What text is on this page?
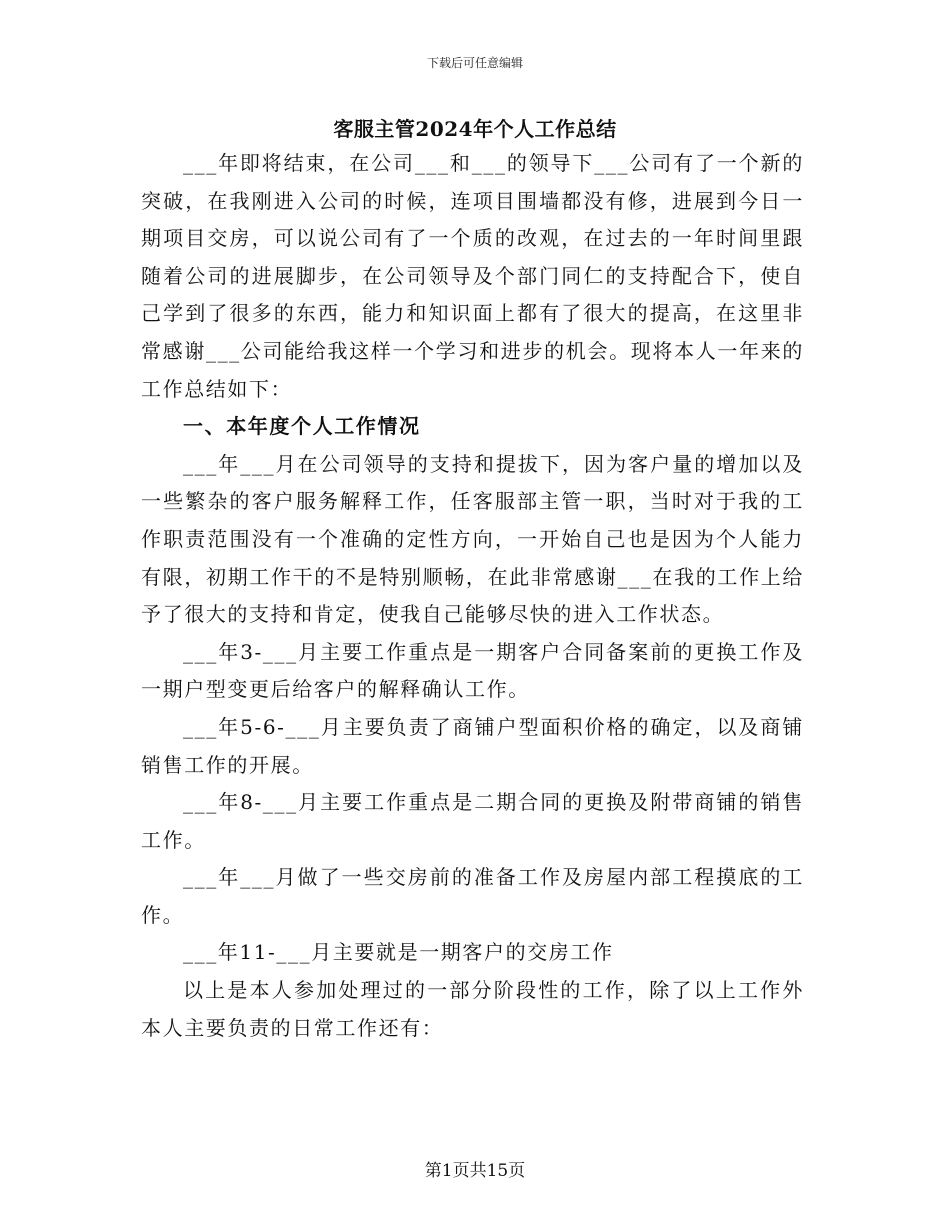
下载后可任意编辑
客服主管2024年个人工作总结

___年即将结束，在公司___和___的领导下___公司有了一个新的突破，在我刚进入公司的时候，连项目围墙都没有修，进展到今日一期项目交房，可以说公司有了一个质的改观，在过去的一年时间里跟随着公司的进展脚步，在公司领导及个部门同仁的支持配合下，使自己学到了很多的东西，能力和知识面上都有了很大的提高，在这里非常感谢___公司能给我这样一个学习和进步的机会。现将本人一年来的工作总结如下：

一、本年度个人工作情况

___年___月在公司领导的支持和提拔下，因为客户量的增加以及一些繁杂的客户服务解释工作，任客服部主管一职，当时对于我的工作职责范围没有一个准确的定性方向，一开始自己也是因为个人能力有限，初期工作干的不是特别顺畅，在此非常感谢___在我的工作上给予了很大的支持和肯定，使我自己能够尽快的进入工作状态。

___年3-___月主要工作重点是一期客户合同备案前的更换工作及一期户型变更后给客户的解释确认工作。

___年5-6-___月主要负责了商铺户型面积价格的确定，以及商铺销售工作的开展。

___年8-___月主要工作重点是二期合同的更换及附带商铺的销售工作。

___年___月做了一些交房前的准备工作及房屋内部工程摸底的工作。

___年11-___月主要就是一期客户的交房工作

以上是本人参加处理过的一部分阶段性的工作，除了以上工作外本人主要负责的日常工作还有：

第1页共15页
